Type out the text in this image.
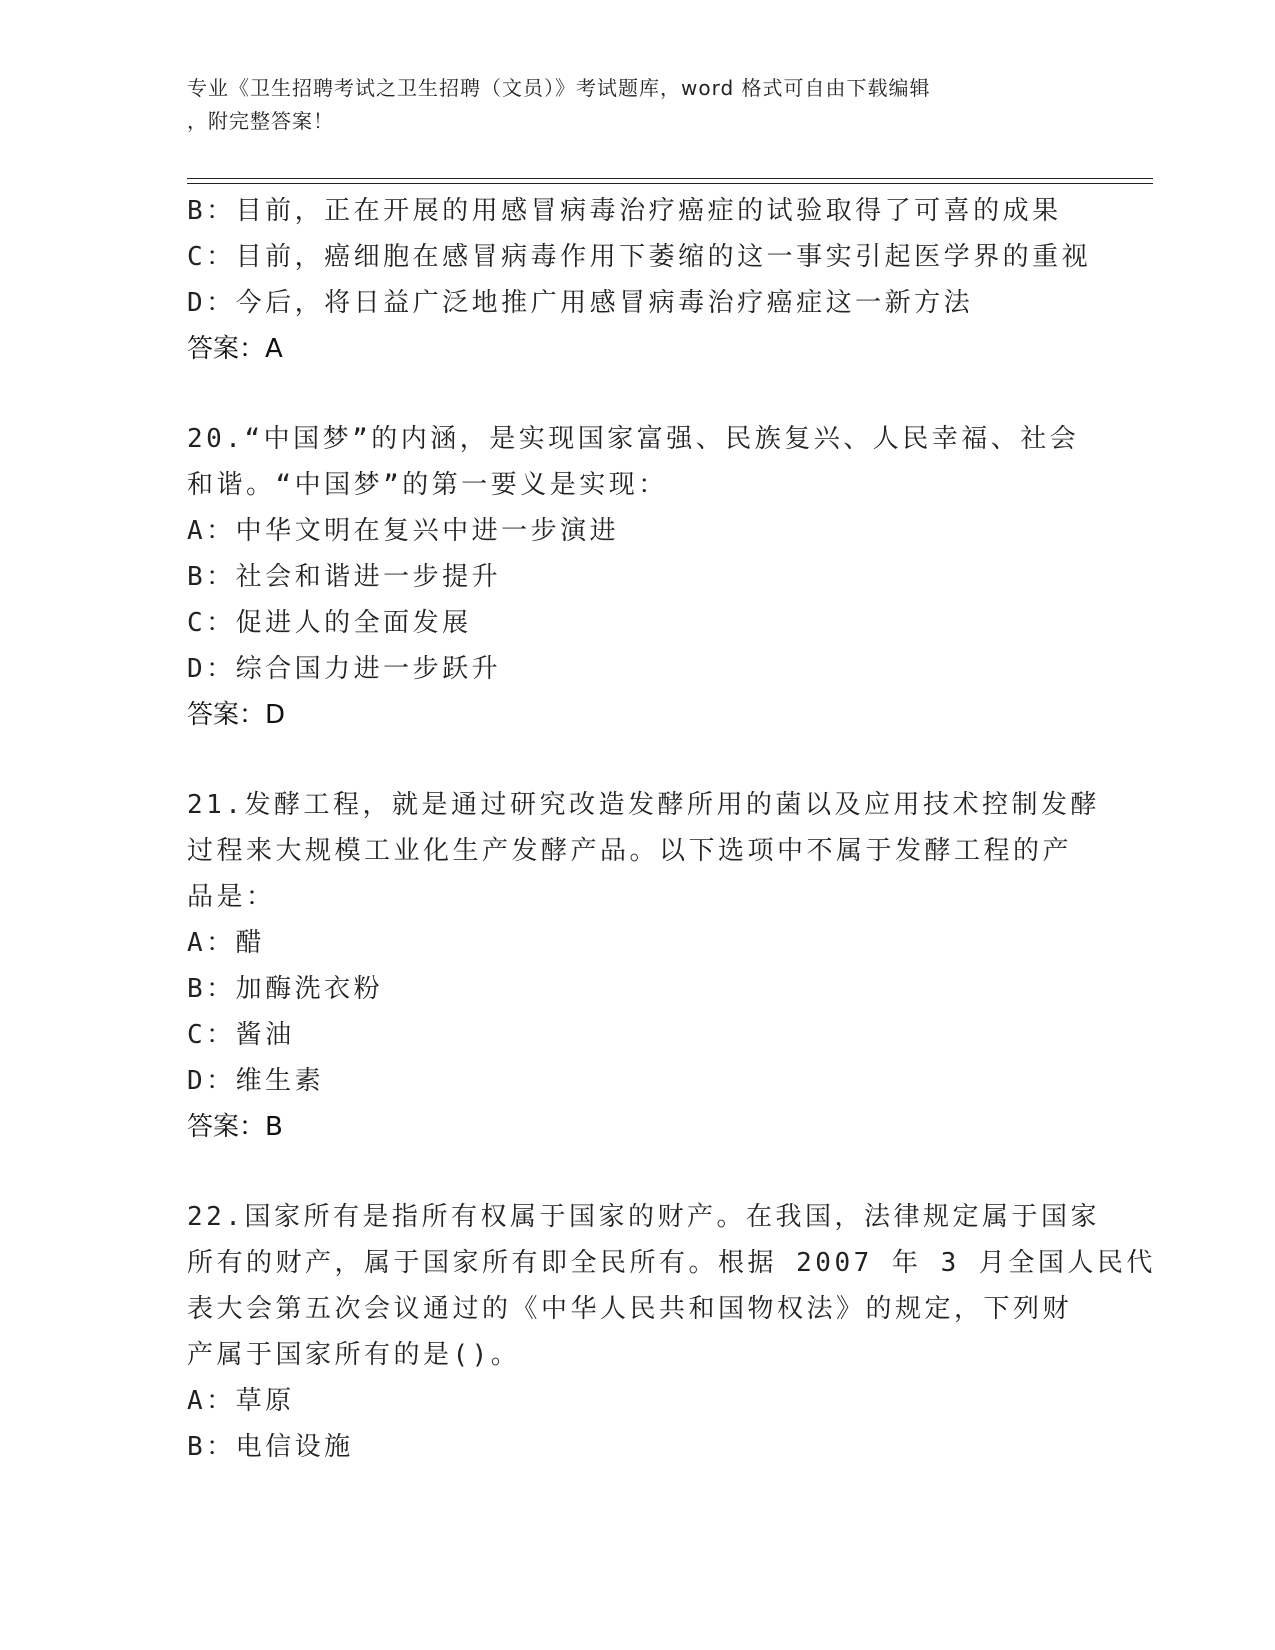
专业《卫生招聘考试之卫生招聘（文员）》考试题库，word 格式可自由下载编辑
，附完整答案！
B：目前，正在开展的用感冒病毒治疗癌症的试验取得了可喜的成果
C：目前，癌细胞在感冒病毒作用下萎缩的这一事实引起医学界的重视
D：今后，将日益广泛地推广用感冒病毒治疗癌症这一新方法
答案：A
20.“中国梦”的内涵，是实现国家富强、民族复兴、人民幸福、社会
和谐。“中国梦”的第一要义是实现：
A：中华文明在复兴中进一步演进
B：社会和谐进一步提升
C：促进人的全面发展
D：综合国力进一步跃升
答案：D
21.发酵工程，就是通过研究改造发酵所用的菌以及应用技术控制发酵
过程来大规模工业化生产发酵产品。以下选项中不属于发酵工程的产
品是：
A：醋
B：加酶洗衣粉
C：酱油
D：维生素
答案：B
22.国家所有是指所有权属于国家的财产。在我国，法律规定属于国家
所有的财产，属于国家所有即全民所有。根据 2007 年 3 月全国人民代
表大会第五次会议通过的《中华人民共和国物权法》的规定，下列财
产属于国家所有的是()。
A：草原
B：电信设施
